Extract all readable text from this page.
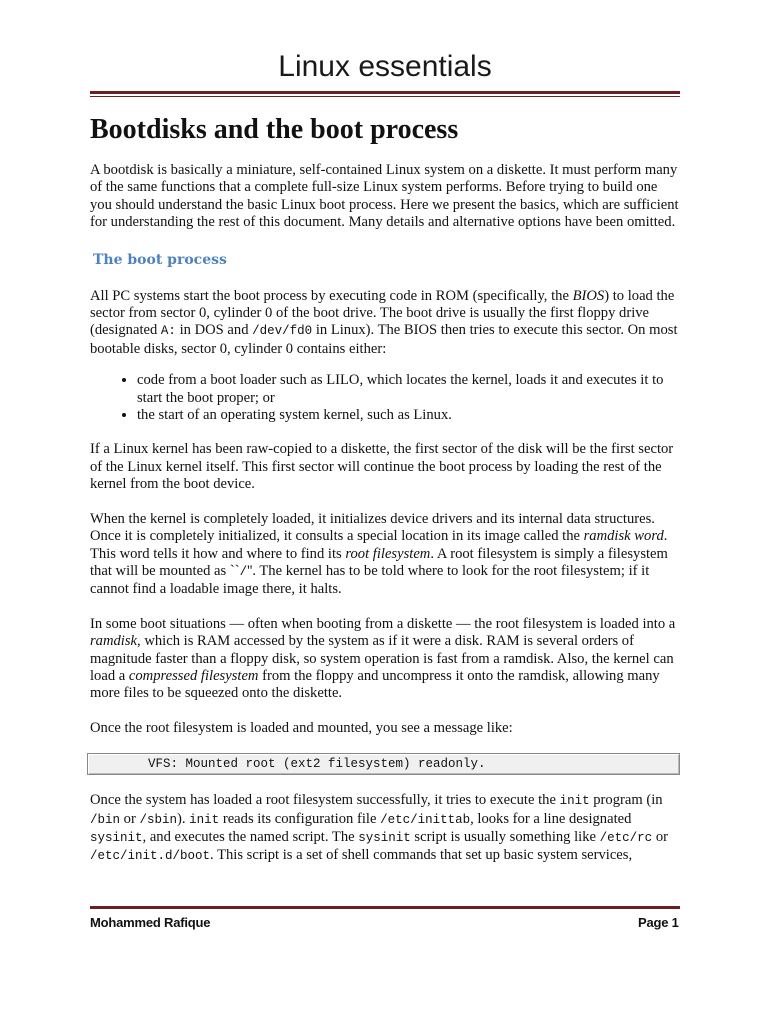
Linux essentials
Bootdisks and the boot process

A bootdisk is basically a miniature, self-contained Linux system on a diskette. It must perform many of the same functions that a complete full-size Linux system performs. Before trying to build one you should understand the basic Linux boot process. Here we present the basics, which are sufficient for understanding the rest of this document. Many details and alternative options have been omitted.

The boot process

All PC systems start the boot process by executing code in ROM (specifically, the BIOS) to load the sector from sector 0, cylinder 0 of the boot drive. The boot drive is usually the first floppy drive (designated A: in DOS and /dev/fd0 in Linux). The BIOS then tries to execute this sector. On most bootable disks, sector 0, cylinder 0 contains either:

• code from a boot loader such as LILO, which locates the kernel, loads it and executes it to start the boot proper; or
• the start of an operating system kernel, such as Linux.

If a Linux kernel has been raw-copied to a diskette, the first sector of the disk will be the first sector of the Linux kernel itself. This first sector will continue the boot process by loading the rest of the kernel from the boot device.

When the kernel is completely loaded, it initializes device drivers and its internal data structures. Once it is completely initialized, it consults a special location in its image called the ramdisk word. This word tells it how and where to find its root filesystem. A root filesystem is simply a filesystem that will be mounted as ``/''. The kernel has to be told where to look for the root filesystem; if it cannot find a loadable image there, it halts.

In some boot situations — often when booting from a diskette — the root filesystem is loaded into a ramdisk, which is RAM accessed by the system as if it were a disk. RAM is several orders of magnitude faster than a floppy disk, so system operation is fast from a ramdisk. Also, the kernel can load a compressed filesystem from the floppy and uncompress it onto the ramdisk, allowing many more files to be squeezed onto the diskette.

Once the root filesystem is loaded and mounted, you see a message like:

VFS: Mounted root (ext2 filesystem) readonly.

Once the system has loaded a root filesystem successfully, it tries to execute the init program (in /bin or /sbin). init reads its configuration file /etc/inittab, looks for a line designated sysinit, and executes the named script. The sysinit script is usually something like /etc/rc or /etc/init.d/boot. This script is a set of shell commands that set up basic system services,

Mohammed Rafique	Page 1
